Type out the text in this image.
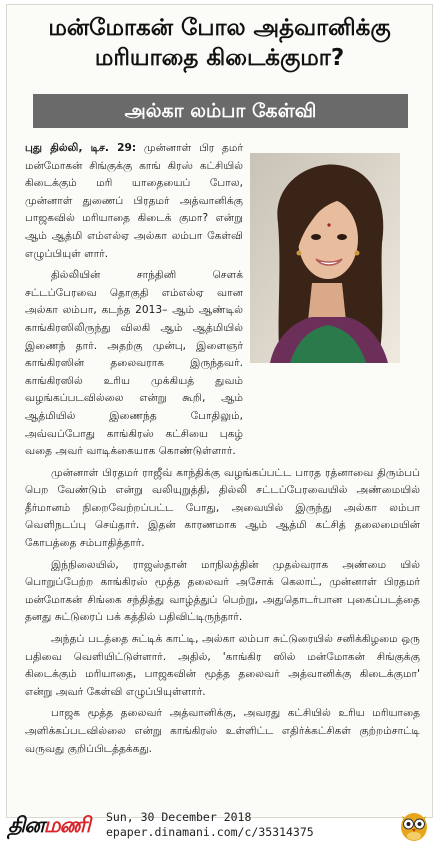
மன்மோகன் போல அத்வானிக்கு
மரியாதை கிடைக்குமா?
அல்கா லம்பா கேள்வி

புது தில்லி, டிச. 29: முன்னாள் பிர தமர் மன்மோகன் சிங்குக்கு காங் கிரஸ் கட்சியில் கிடைக்கும் மரி யாதையைப் போல, முன்னாள் துணைப் பிரதமர் அத்வானிக்கு பாஜகவில் மரியாதை கிடைக் குமா? என்று ஆம் ஆத்மி எம்எல்ஏ அல்கா லம்பா கேள்வி எழுப்பியுள் ளார்.

தில்லியின் சாந்தினி சௌக் சட்டப்பேரவை தொகுதி எம்எல்ஏ வான அல்கா லம்பா, கடந்த 2013– ஆம் ஆண்டில் காங்கிரஸிலிருந்து விலகி ஆம் ஆத்மியில் இணைந் தார். அதற்கு முன்பு, இளைஞர் காங்கிரஸின் தலைவராக இருந்தவர். காங்கிரஸில் உரிய முக்கியத் துவம் வழங்கப்படவில்லை என்று கூறி, ஆம் ஆத்மியில் இணைந்த போதிலும், அவ்வப்போது காங்கிரஸ் கட்சியை புகழ் வதை அவர் வாடிக்கையாக கொண்டுள்ளார்.

முன்னாள் பிரதமர் ராஜீவ் காந்திக்கு வழங்கப்பட்ட பாரத ரத்னாவை திரும்பப் பெற வேண்டும் என்று வலியுறுத்தி, தில்லி சட்டப்பேரவையில் அண்மையில் தீர்மானம் நிறைவேற்றப்பட்ட போது, அவையில் இருந்து அல்கா லம்பா வெளிநடப்பு செய்தார். இதன் காரணமாக ஆம் ஆத்மி கட்சித் தலைமையின் கோபத்தை சம்பாதித்தார்.

இந்நிலையில், ராஜஸ்தான் மாநிலத்தின் முதல்வராக அண்மை யில் பொறுப்பேற்ற காங்கிரஸ் மூத்த தலைவர் அசோக் கெலாட், முன்னாள் பிரதமர் மன்மோகன் சிங்கை சந்தித்து வாழ்த்துப் பெற்று, அதுதொடர்பான புகைப்படத்தை தனது சுட்டுரைப் பக் கத்தில் பதிவிட்டிருந்தார்.

அந்தப் படத்தை சுட்டிக் காட்டி, அல்கா லம்பா சுட்டுரையில் சனிக்கிழமை ஒரு பதிவை வெளியிட்டுள்ளார். அதில், 'காங்கிர ஸில் மன்மோகன் சிங்குக்கு கிடைக்கும் மரியாதை, பாஜகவின் மூத்த தலைவர் அத்வானிக்கு கிடைக்குமா' என்று அவர் கேள்வி எழுப்பியுள்ளார்.

பாஜக மூத்த தலைவர் அத்வானிக்கு, அவரது கட்சியில் உரிய மரியாதை அளிக்கப்படவில்லை என்று காங்கிரஸ் உள்ளிட்ட எதிர்க்கட்சிகள் குற்றம்சாட்டி வருவது குறிப்பிடத்தக்கது.

தினமணி Sun, 30 December 2018
epaper.dinamani.com/c/35314375
